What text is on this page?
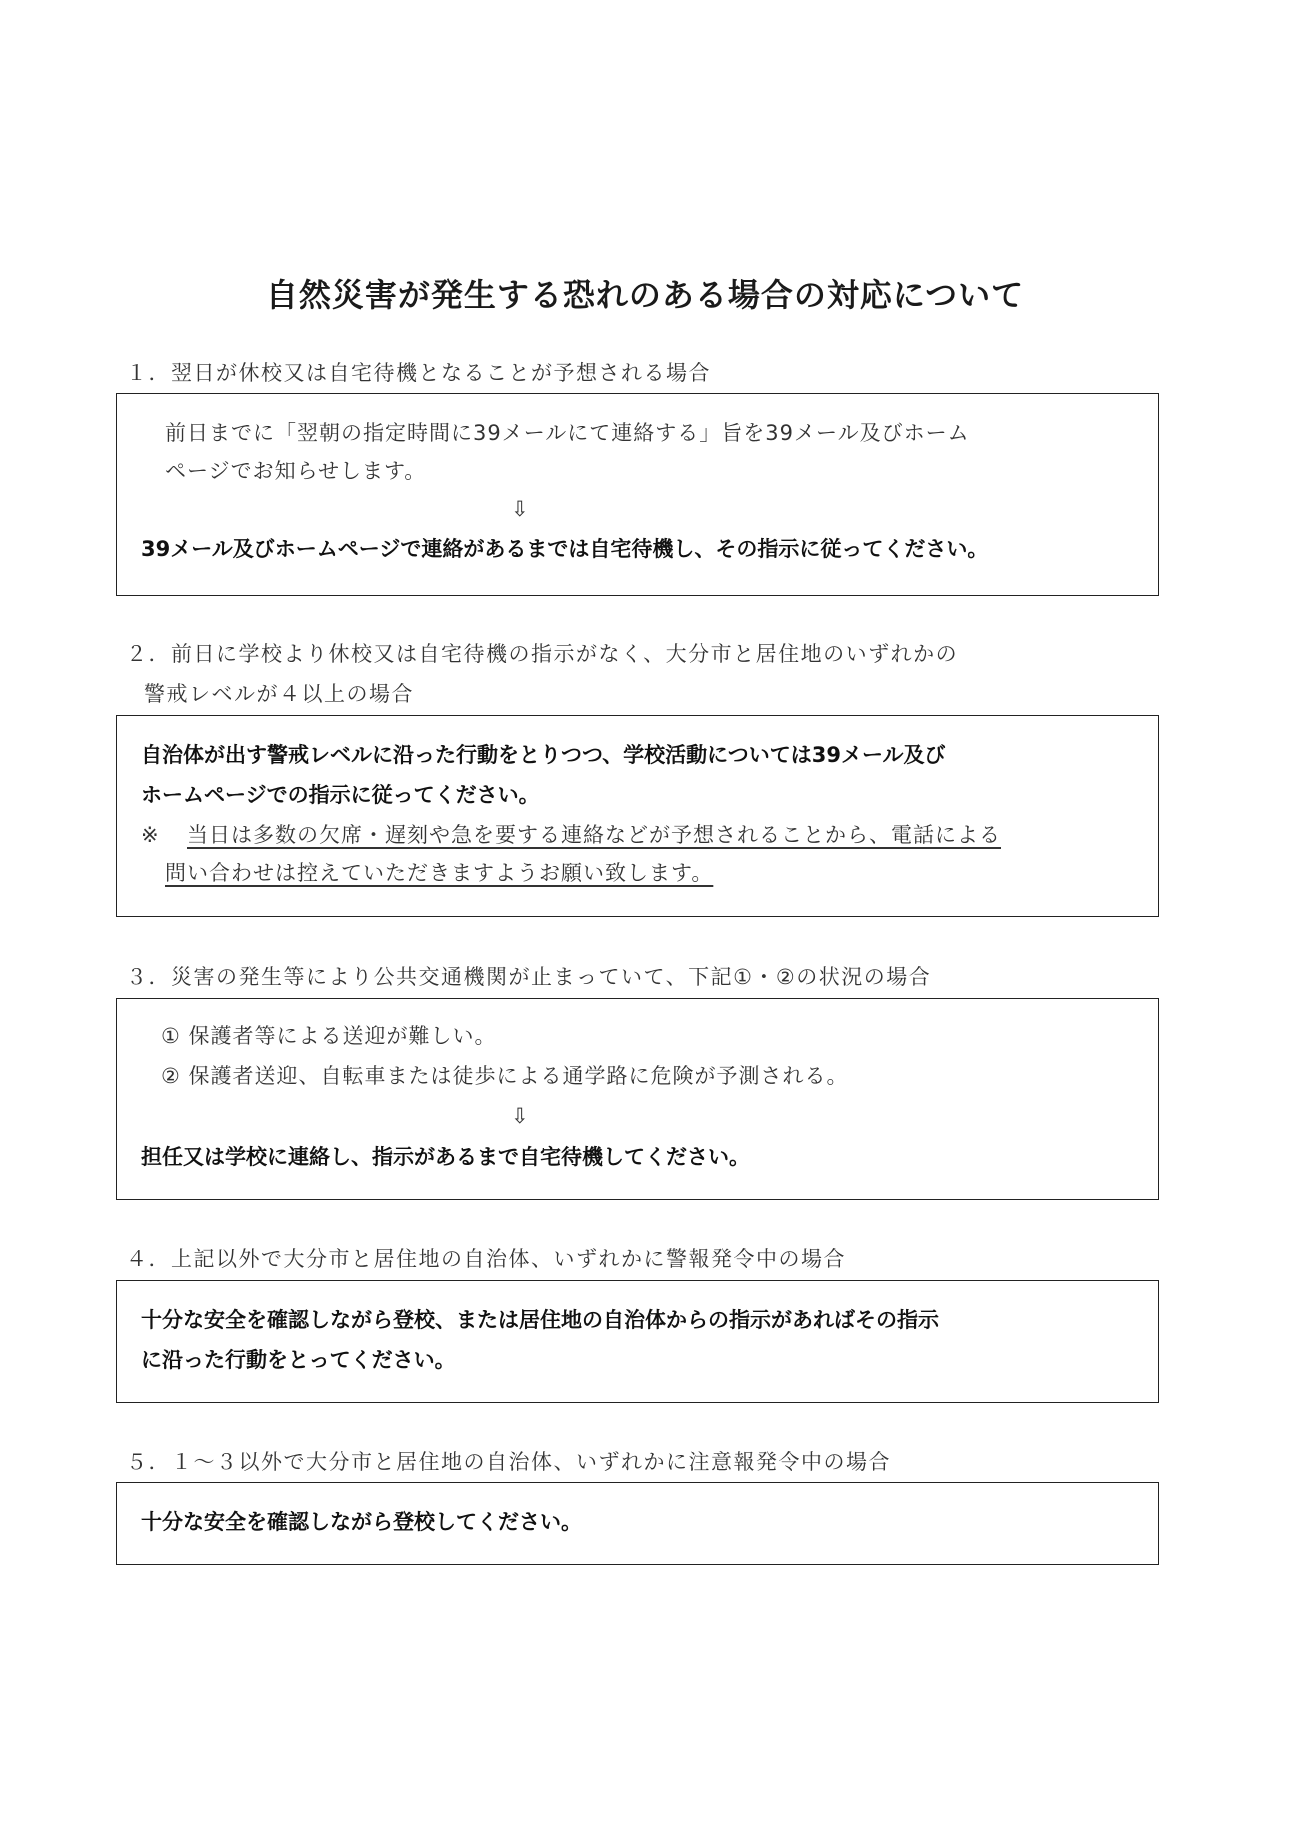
自然災害が発生する恐れのある場合の対応について
１．翌日が休校又は自宅待機となることが予想される場合
前日までに「翌朝の指定時間に39メールにて連絡する」旨を39メール及びホーム
ページでお知らせします。
⇩
39メール及びホームページで連絡があるまでは自宅待機し、その指示に従ってください。
２．前日に学校より休校又は自宅待機の指示がなく、大分市と居住地のいずれかの
警戒レベルが４以上の場合
自治体が出す警戒レベルに沿った行動をとりつつ、学校活動については39メール及び
ホームページでの指示に従ってください。
※ 当日は多数の欠席・遅刻や急を要する連絡などが予想されることから、電話による
問い合わせは控えていただきますようお願い致します。
３．災害の発生等により公共交通機関が止まっていて、下記①・②の状況の場合
① 保護者等による送迎が難しい。
② 保護者送迎、自転車または徒歩による通学路に危険が予測される。
⇩
担任又は学校に連絡し、指示があるまで自宅待機してください。
４．上記以外で大分市と居住地の自治体、いずれかに警報発令中の場合
十分な安全を確認しながら登校、または居住地の自治体からの指示があればその指示
に沿った行動をとってください。
５．１～３以外で大分市と居住地の自治体、いずれかに注意報発令中の場合
十分な安全を確認しながら登校してください。
